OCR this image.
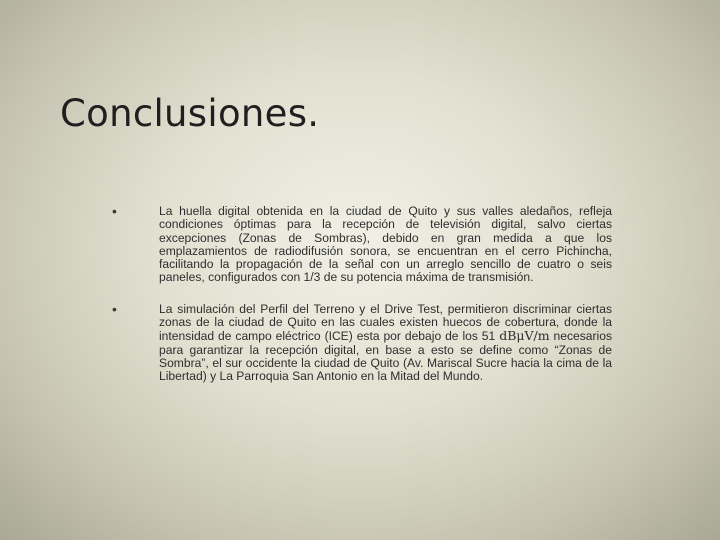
Conclusiones.
•	La huella digital obtenida en la ciudad de Quito y sus valles aledaños, refleja condiciones óptimas para la recepción de televisión digital, salvo ciertas excepciones (Zonas de Sombras), debido en gran medida a que los emplazamientos de radiodifusión sonora, se encuentran en el cerro Pichincha, facilitando la propagación de la señal con un arreglo sencillo de cuatro o seis paneles, configurados con 1/3 de su potencia máxima de transmisión.

•	La simulación del Perfil del Terreno y el Drive Test, permitieron discriminar ciertas zonas de la ciudad de Quito en las cuales existen huecos de cobertura, donde la intensidad de campo eléctrico (ICE) esta por debajo de los 51 dBμV/m necesarios para garantizar la recepción digital, en base a esto se define como “Zonas de Sombra”, el sur occidente la ciudad de Quito (Av. Mariscal Sucre hacia la cima de la Libertad) y La Parroquia San Antonio en la Mitad del Mundo.
